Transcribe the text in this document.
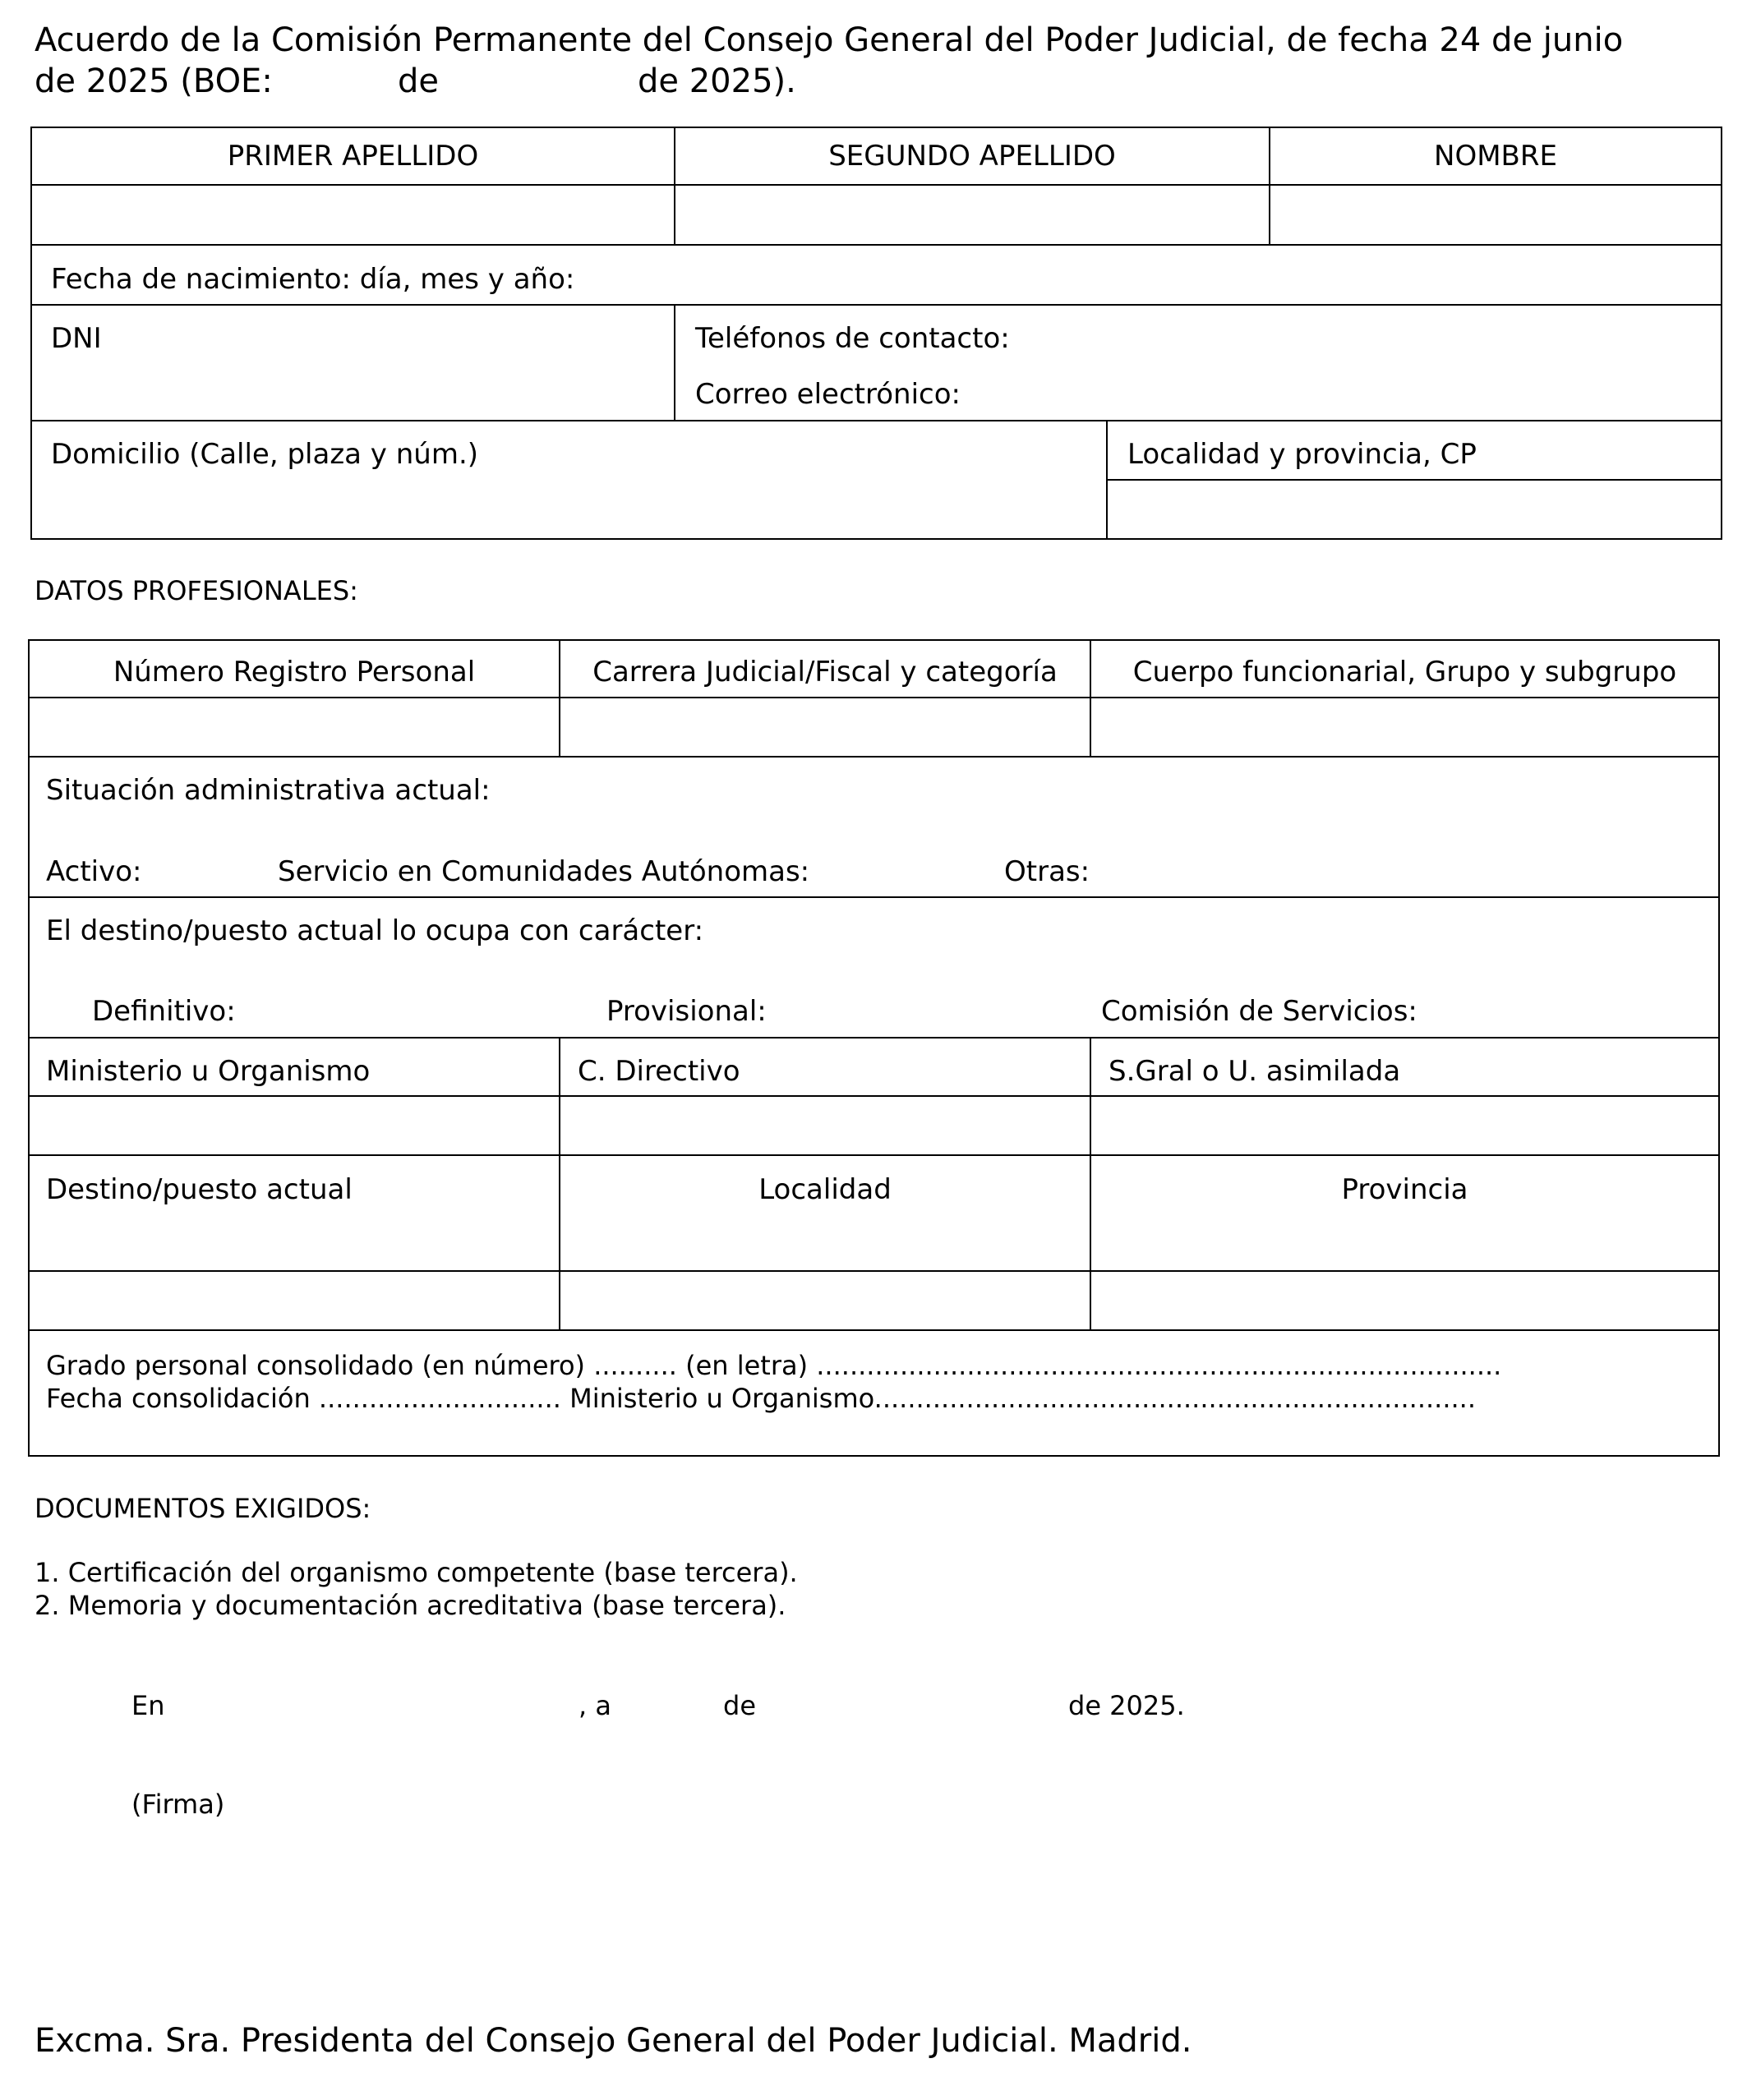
Acuerdo de la Comisión Permanente del Consejo General del Poder Judicial, de fecha 24 de junio
de 2025 (BOE:	de	de 2025).
PRIMER APELLIDO	SEGUNDO APELLIDO	NOMBRE
Fecha de nacimiento: día, mes y año:
DNI	Teléfonos de contacto:
Correo electrónico:
Domicilio (Calle, plaza y núm.)	Localidad y provincia, CP
DATOS PROFESIONALES:
Número Registro Personal	Carrera Judicial/Fiscal y categoría	Cuerpo funcionarial, Grupo y subgrupo
Situación administrativa actual:
Activo:	Servicio en Comunidades Autónomas:	Otras:
El destino/puesto actual lo ocupa con carácter:
Definitivo:	Provisional:	Comisión de Servicios:
Ministerio u Organismo	C. Directivo	S.Gral o U. asimilada
Destino/puesto actual	Localidad	Provincia
Grado personal consolidado (en número) .......... (en letra) ..................................................................................
Fecha consolidación ............................. Ministerio u Organismo........................................................................
DOCUMENTOS EXIGIDOS:
1. Certificación del organismo competente (base tercera).
2. Memoria y documentación acreditativa (base tercera).
En	, a	de	de 2025.
(Firma)
Excma. Sra. Presidenta del Consejo General del Poder Judicial. Madrid.
